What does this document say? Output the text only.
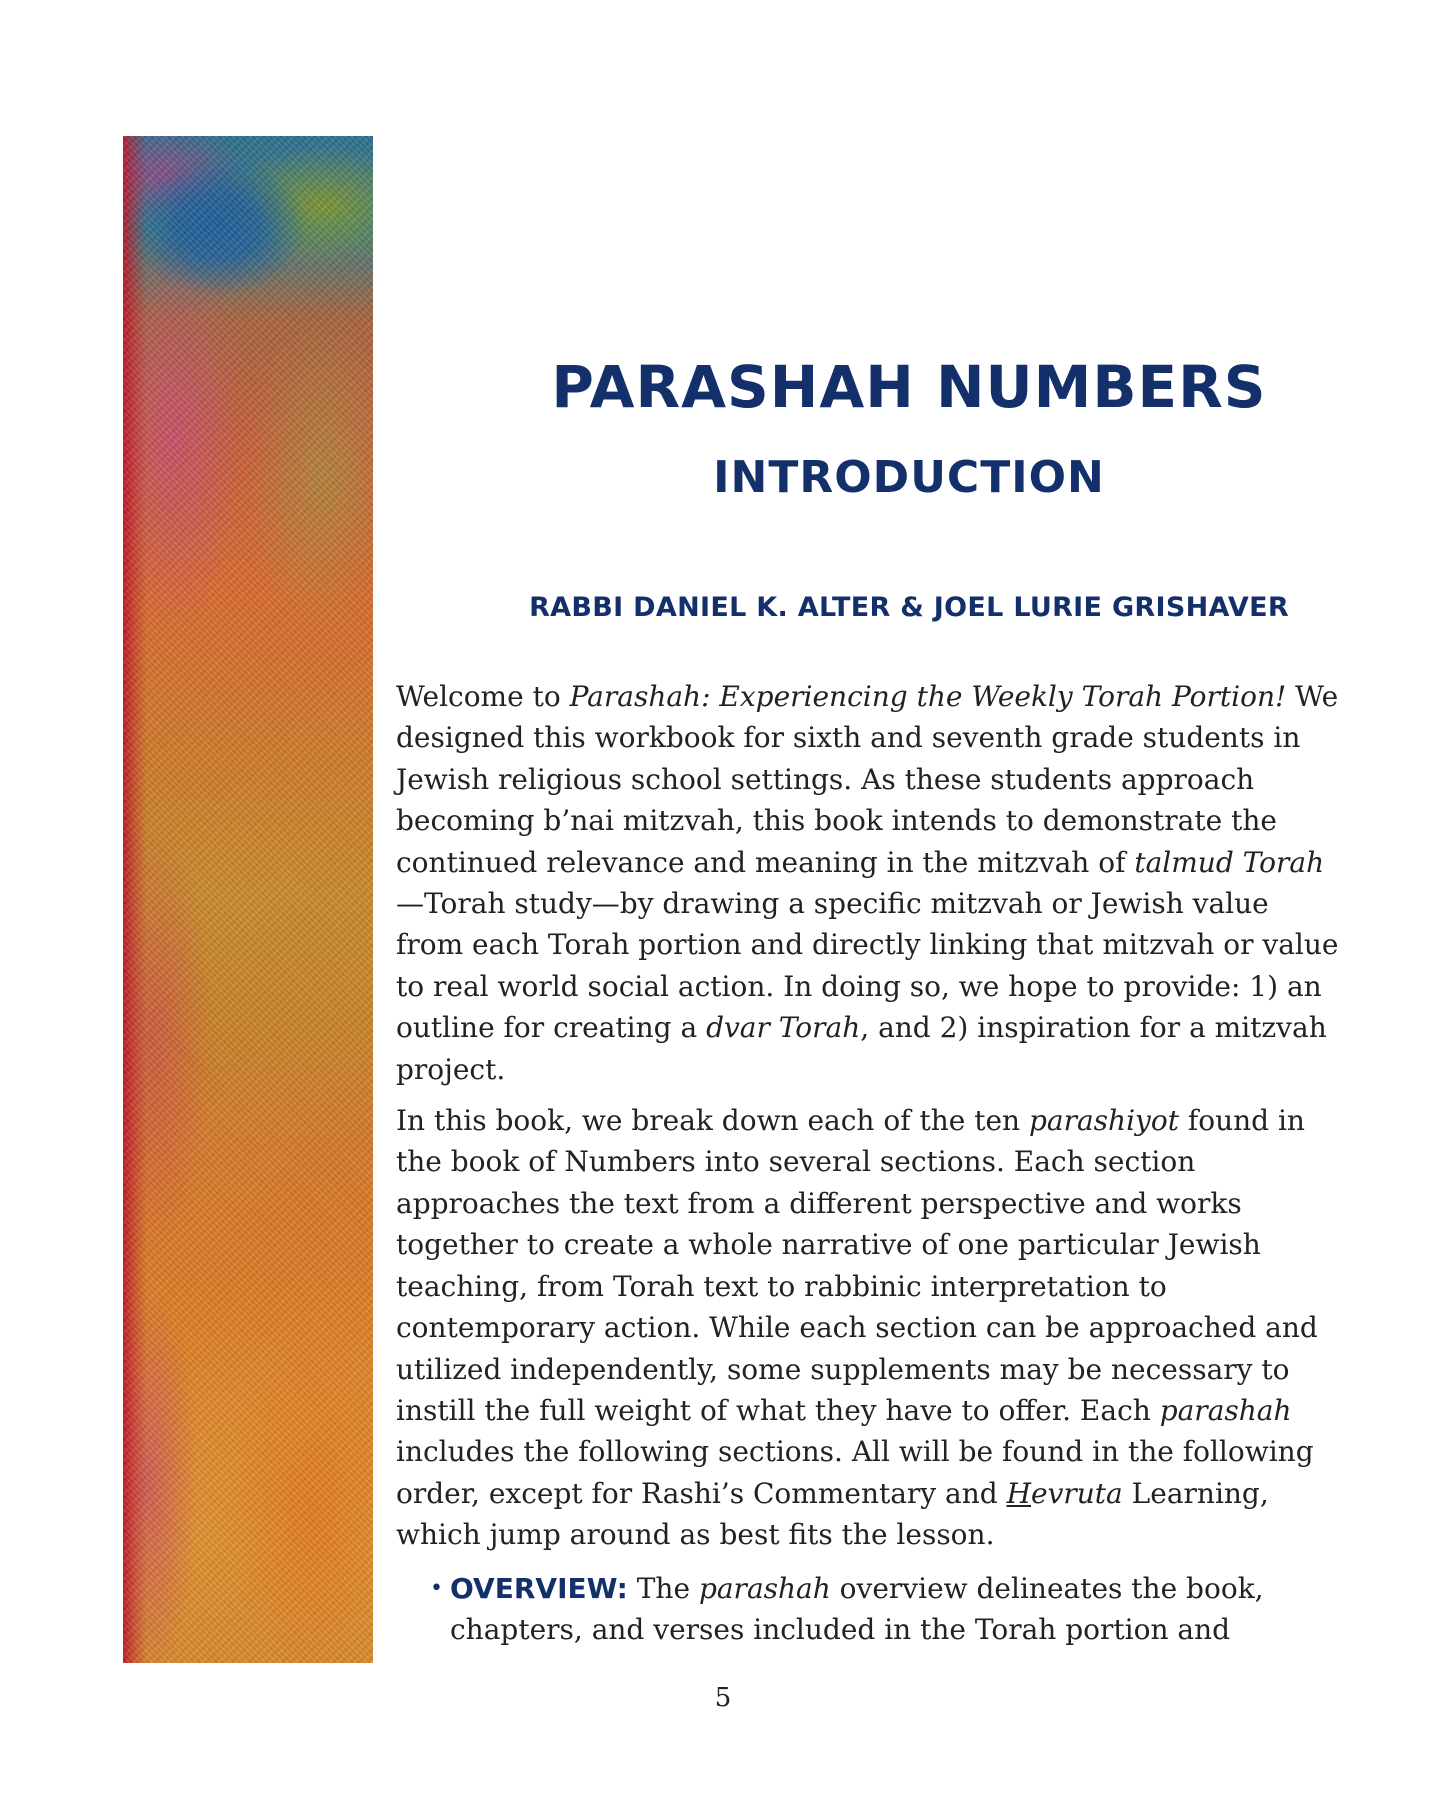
PARASHAH NUMBERS
INTRODUCTION
RABBI DANIEL K. ALTER & JOEL LURIE GRISHAVER

Welcome to Parashah: Experiencing the Weekly Torah Portion! We designed this workbook for sixth and seventh grade students in Jewish religious school settings. As these students approach becoming b’nai mitzvah, this book intends to demonstrate the continued relevance and meaning in the mitzvah of talmud Torah—Torah study—by drawing a specific mitzvah or Jewish value from each Torah portion and directly linking that mitzvah or value to real world social action. In doing so, we hope to provide: 1) an outline for creating a dvar Torah, and 2) inspiration for a mitzvah project.

In this book, we break down each of the ten parashiyot found in the book of Numbers into several sections. Each section approaches the text from a different perspective and works together to create a whole narrative of one particular Jewish teaching, from Torah text to rabbinic interpretation to contemporary action. While each section can be approached and utilized independently, some supplements may be necessary to instill the full weight of what they have to offer. Each parashah includes the following sections. All will be found in the following order, except for Rashi’s Commentary and Hevruta Learning, which jump around as best fits the lesson.

• OVERVIEW: The parashah overview delineates the book, chapters, and verses included in the Torah portion and
5
